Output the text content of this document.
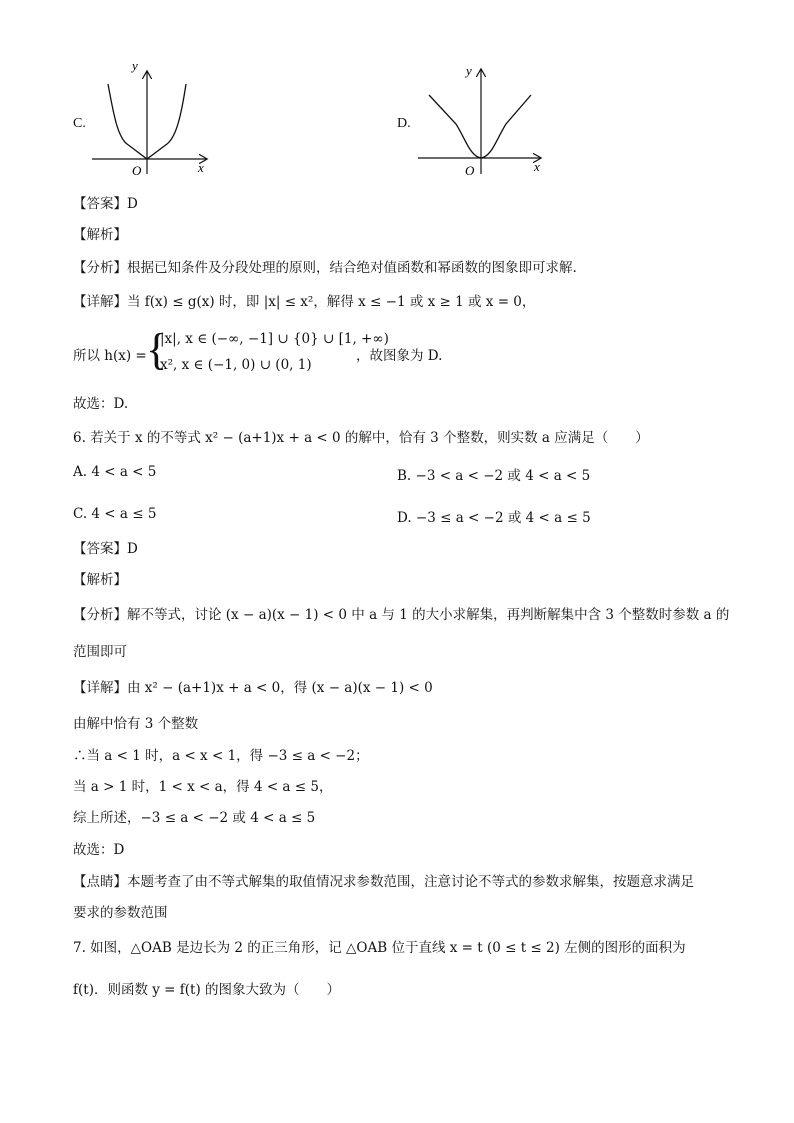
C.
y
x
O
D.
y
x
O
【答案】D
【解析】
【分析】根据已知条件及分段处理的原则，结合绝对值函数和幂函数的图象即可求解.
【详解】当 f(x) ≤ g(x) 时，即 |x| ≤ x²，解得 x ≤ −1 或 x ≥ 1 或 x = 0，
所以 h(x) = {
|x|, x ∈ (−∞, −1] ∪ {0} ∪ [1, +∞)
x², x ∈ (−1, 0) ∪ (0, 1)
，故图象为 D.
故选：D.
6. 若关于 x 的不等式 x² − (a+1)x + a < 0 的解中，恰有 3 个整数，则实数 a 应满足（　　）
A. 4 < a < 5	B. −3 < a < −2 或 4 < a < 5
C. 4 < a ≤ 5	D. −3 ≤ a < −2 或 4 < a ≤ 5
【答案】D
【解析】
【分析】解不等式，讨论 (x − a)(x − 1) < 0 中 a 与 1 的大小求解集，再判断解集中含 3 个整数时参数 a 的
范围即可
【详解】由 x² − (a+1)x + a < 0，得 (x − a)(x − 1) < 0
由解中恰有 3 个整数
∴当 a < 1 时，a < x < 1，得 −3 ≤ a < −2；
当 a > 1 时，1 < x < a，得 4 < a ≤ 5，
综上所述，−3 ≤ a < −2 或 4 < a ≤ 5
故选：D
【点睛】本题考查了由不等式解集的取值情况求参数范围，注意讨论不等式的参数求解集，按题意求满足
要求的参数范围
7. 如图，△OAB 是边长为 2 的正三角形，记 △OAB 位于直线 x = t (0 ≤ t ≤ 2) 左侧的图形的面积为
f(t)．则函数 y = f(t) 的图象大致为（　　）
